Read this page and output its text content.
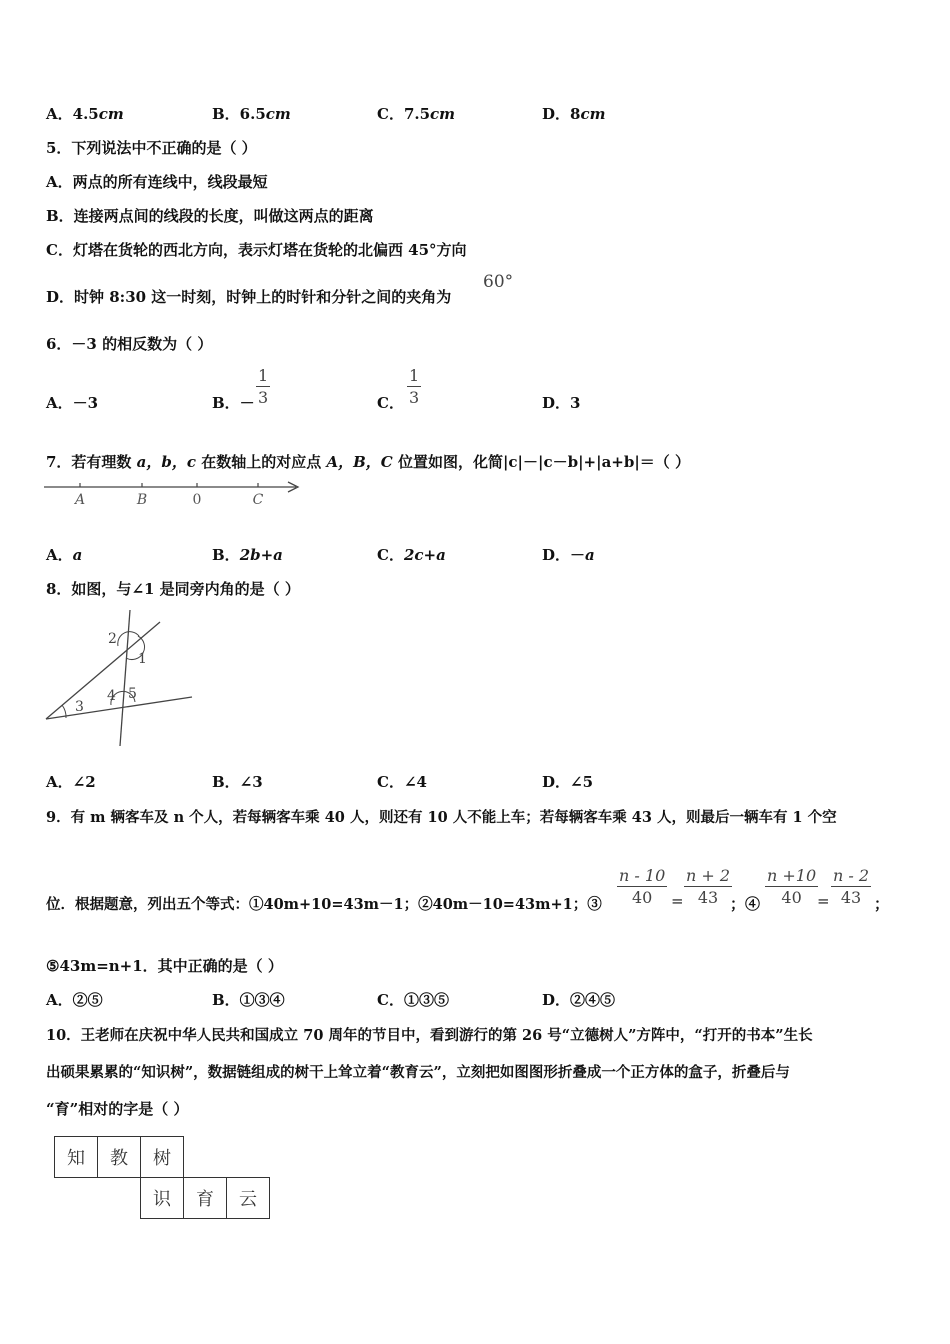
A．4.5cm	B．6.5cm	C．7.5cm	D．8cm
5．下列说法中不正确的是（ ）
A．两点的所有连线中，线段最短
B．连接两点间的线段的长度，叫做这两点的距离
C．灯塔在货轮的西北方向，表示灯塔在货轮的北偏西 45°方向
D．时钟 8:30 这一时刻，时钟上的时针和分针之间的夹角为
60°
6．－3 的相反数为（ ）
A．－3	B．－
1
3	C．
1
3	D．3
7．若有理数 a，b，c 在数轴上的对应点 A，B，C 位置如图，化简|c|－|c－b|+|a+b|＝（ ）
A	B	0	C
A．a	B．2b+a	C．2c+a	D．－a
8．如图，与∠1 是同旁内角的是（ ）
2
1
4 5
3
A．∠2	B．∠3	C．∠4	D．∠5
9．有 m 辆客车及 n 个人，若每辆客车乘 40 人，则还有 10 人不能上车；若每辆客车乘 43 人，则最后一辆车有 1 个空
位．根据题意，列出五个等式：①40m+10=43m－1；②40m－10=43m+1；③
n - 10
40	=
n + 2
43 ；④
n +10
40	=
n - 2
43 ；
⑤43m=n+1．其中正确的是（ ）
A．②⑤	B．①③④	C．①③⑤	D．②④⑤
10．王老师在庆祝中华人民共和国成立 70 周年的节目中，看到游行的第 26 号“立德树人”方阵中，“打开的书本”生长
出硕果累累的“知识树”，数据链组成的树干上耸立着“教育云”，立刻把如图图形折叠成一个正方体的盒子，折叠后与
“育”相对的字是（ ）
知	教	树		
		识	育	云
